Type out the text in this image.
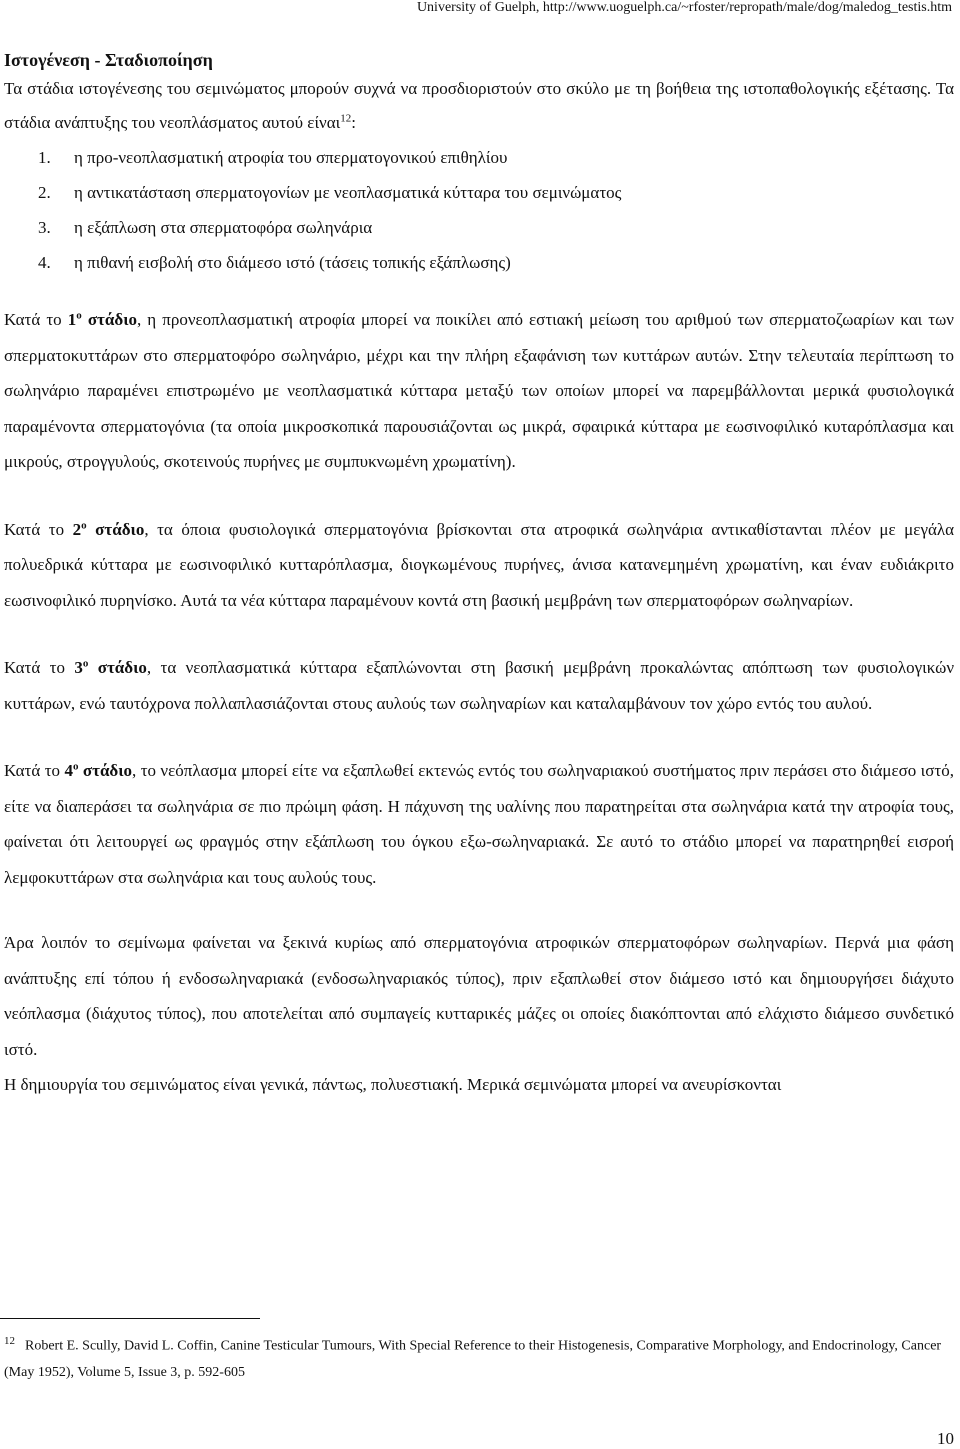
University of Guelph, http://www.uoguelph.ca/~rfoster/repropath/male/dog/maledog_testis.htm
Ιστογένεση - Σταδιοποίηση

Τα στάδια ιστογένεσης του σεμινώματος μπορούν συχνά να προσδιοριστούν στο σκύλο με τη βοήθεια της ιστοπαθολογικής εξέτασης. Τα στάδια ανάπτυξης του νεοπλάσματος αυτού είναι$^{12}$:

1. η προ-νεοπλασματική ατροφία του σπερματογονικού επιθηλίου
2. η αντικατάσταση σπερματογονίων με νεοπλασματικά κύτταρα του σεμινώματος
3. η εξάπλωση στα σπερματοφόρα σωληνάρια
4. η πιθανή εισβολή στο διάμεσο ιστό (τάσεις τοπικής εξάπλωσης)

Κατά το $1^o$ στάδιο, η προνεοπλασματική ατροφία μπορεί να ποικίλει από εστιακή μείωση του αριθμού των σπερματοζωαρίων και των σπερματοκυττάρων στο σπερματοφόρο σωληνάριο, μέχρι και την πλήρη εξαφάνιση των κυττάρων αυτών. Στην τελευταία περίπτωση το σωληνάριο παραμένει επιστρωμένο με νεοπλασματικά κύτταρα μεταξύ των οποίων μπορεί να παρεμβάλλονται μερικά φυσιολογικά παραμένοντα σπερματογόνια (τα οποία μικροσκοπικά παρουσιάζονται ως μικρά, σφαιρικά κύτταρα με εωσινοφιλικό κυταρόπλασμα και μικρούς, στρογγυλούς, σκοτεινούς πυρήνες με συμπυκνωμένη χρωματίνη).

Κατά το $2^o$ στάδιο, τα όποια φυσιολογικά σπερματογόνια βρίσκονται στα ατροφικά σωληνάρια αντικαθίστανται πλέον με μεγάλα πολυεδρικά κύτταρα με εωσινοφιλικό κυτταρόπλασμα, διογκωμένους πυρήνες, άνισα κατανεμημένη χρωματίνη, και έναν ευδιάκριτο εωσινοφιλικό πυρηνίσκο. Αυτά τα νέα κύτταρα παραμένουν κοντά στη βασική μεμβράνη των σπερματοφόρων σωληναρίων.

Κατά το $3^o$ στάδιο, τα νεοπλασματικά κύτταρα εξαπλώνονται στη βασική μεμβράνη προκαλώντας απόπτωση των φυσιολογικών κυττάρων, ενώ ταυτόχρονα πολλαπλασιάζονται στους αυλούς των σωληναρίων και καταλαμβάνουν τον χώρο εντός του αυλού.

Κατά το $4^o$ στάδιο, το νεόπλασμα μπορεί είτε να εξαπλωθεί εκτενώς εντός του σωληναριακού συστήματος πριν περάσει στο διάμεσο ιστό, είτε να διαπεράσει τα σωληνάρια σε πιο πρώιμη φάση. Η πάχυνση της υαλίνης που παρατηρείται στα σωληνάρια κατά την ατροφία τους, φαίνεται ότι λειτουργεί ως φραγμός στην εξάπλωση του όγκου εξω-σωληναριακά. Σε αυτό το στάδιο μπορεί να παρατηρηθεί εισροή λεμφοκυττάρων στα σωληνάρια και τους αυλούς τους.

Άρα λοιπόν το σεμίνωμα φαίνεται να ξεκινά κυρίως από σπερματογόνια ατροφικών σπερματοφόρων σωληναρίων. Περνά μια φάση ανάπτυξης επί τόπου ή ενδοσωληναριακά (ενδοσωληναριακός τύπος), πριν εξαπλωθεί στον διάμεσο ιστό και δημιουργήσει διάχυτο νεόπλασμα (διάχυτος τύπος), που αποτελείται από συμπαγείς κυτταρικές μάζες οι οποίες διακόπτονται από ελάχιστο διάμεσο συνδετικό ιστό.

Η δημιουργία του σεμινώματος είναι γενικά, πάντως, πολυεστιακή. Μερικά σεμινώματα μπορεί να ανευρίσκονται

$^{12}$ Robert E. Scully, David L. Coffin, Canine Testicular Tumours, With Special Reference to their Histogenesis, Comparative Morphology, and Endocrinology, Cancer (May 1952), Volume 5, Issue 3, p. 592-605
10
